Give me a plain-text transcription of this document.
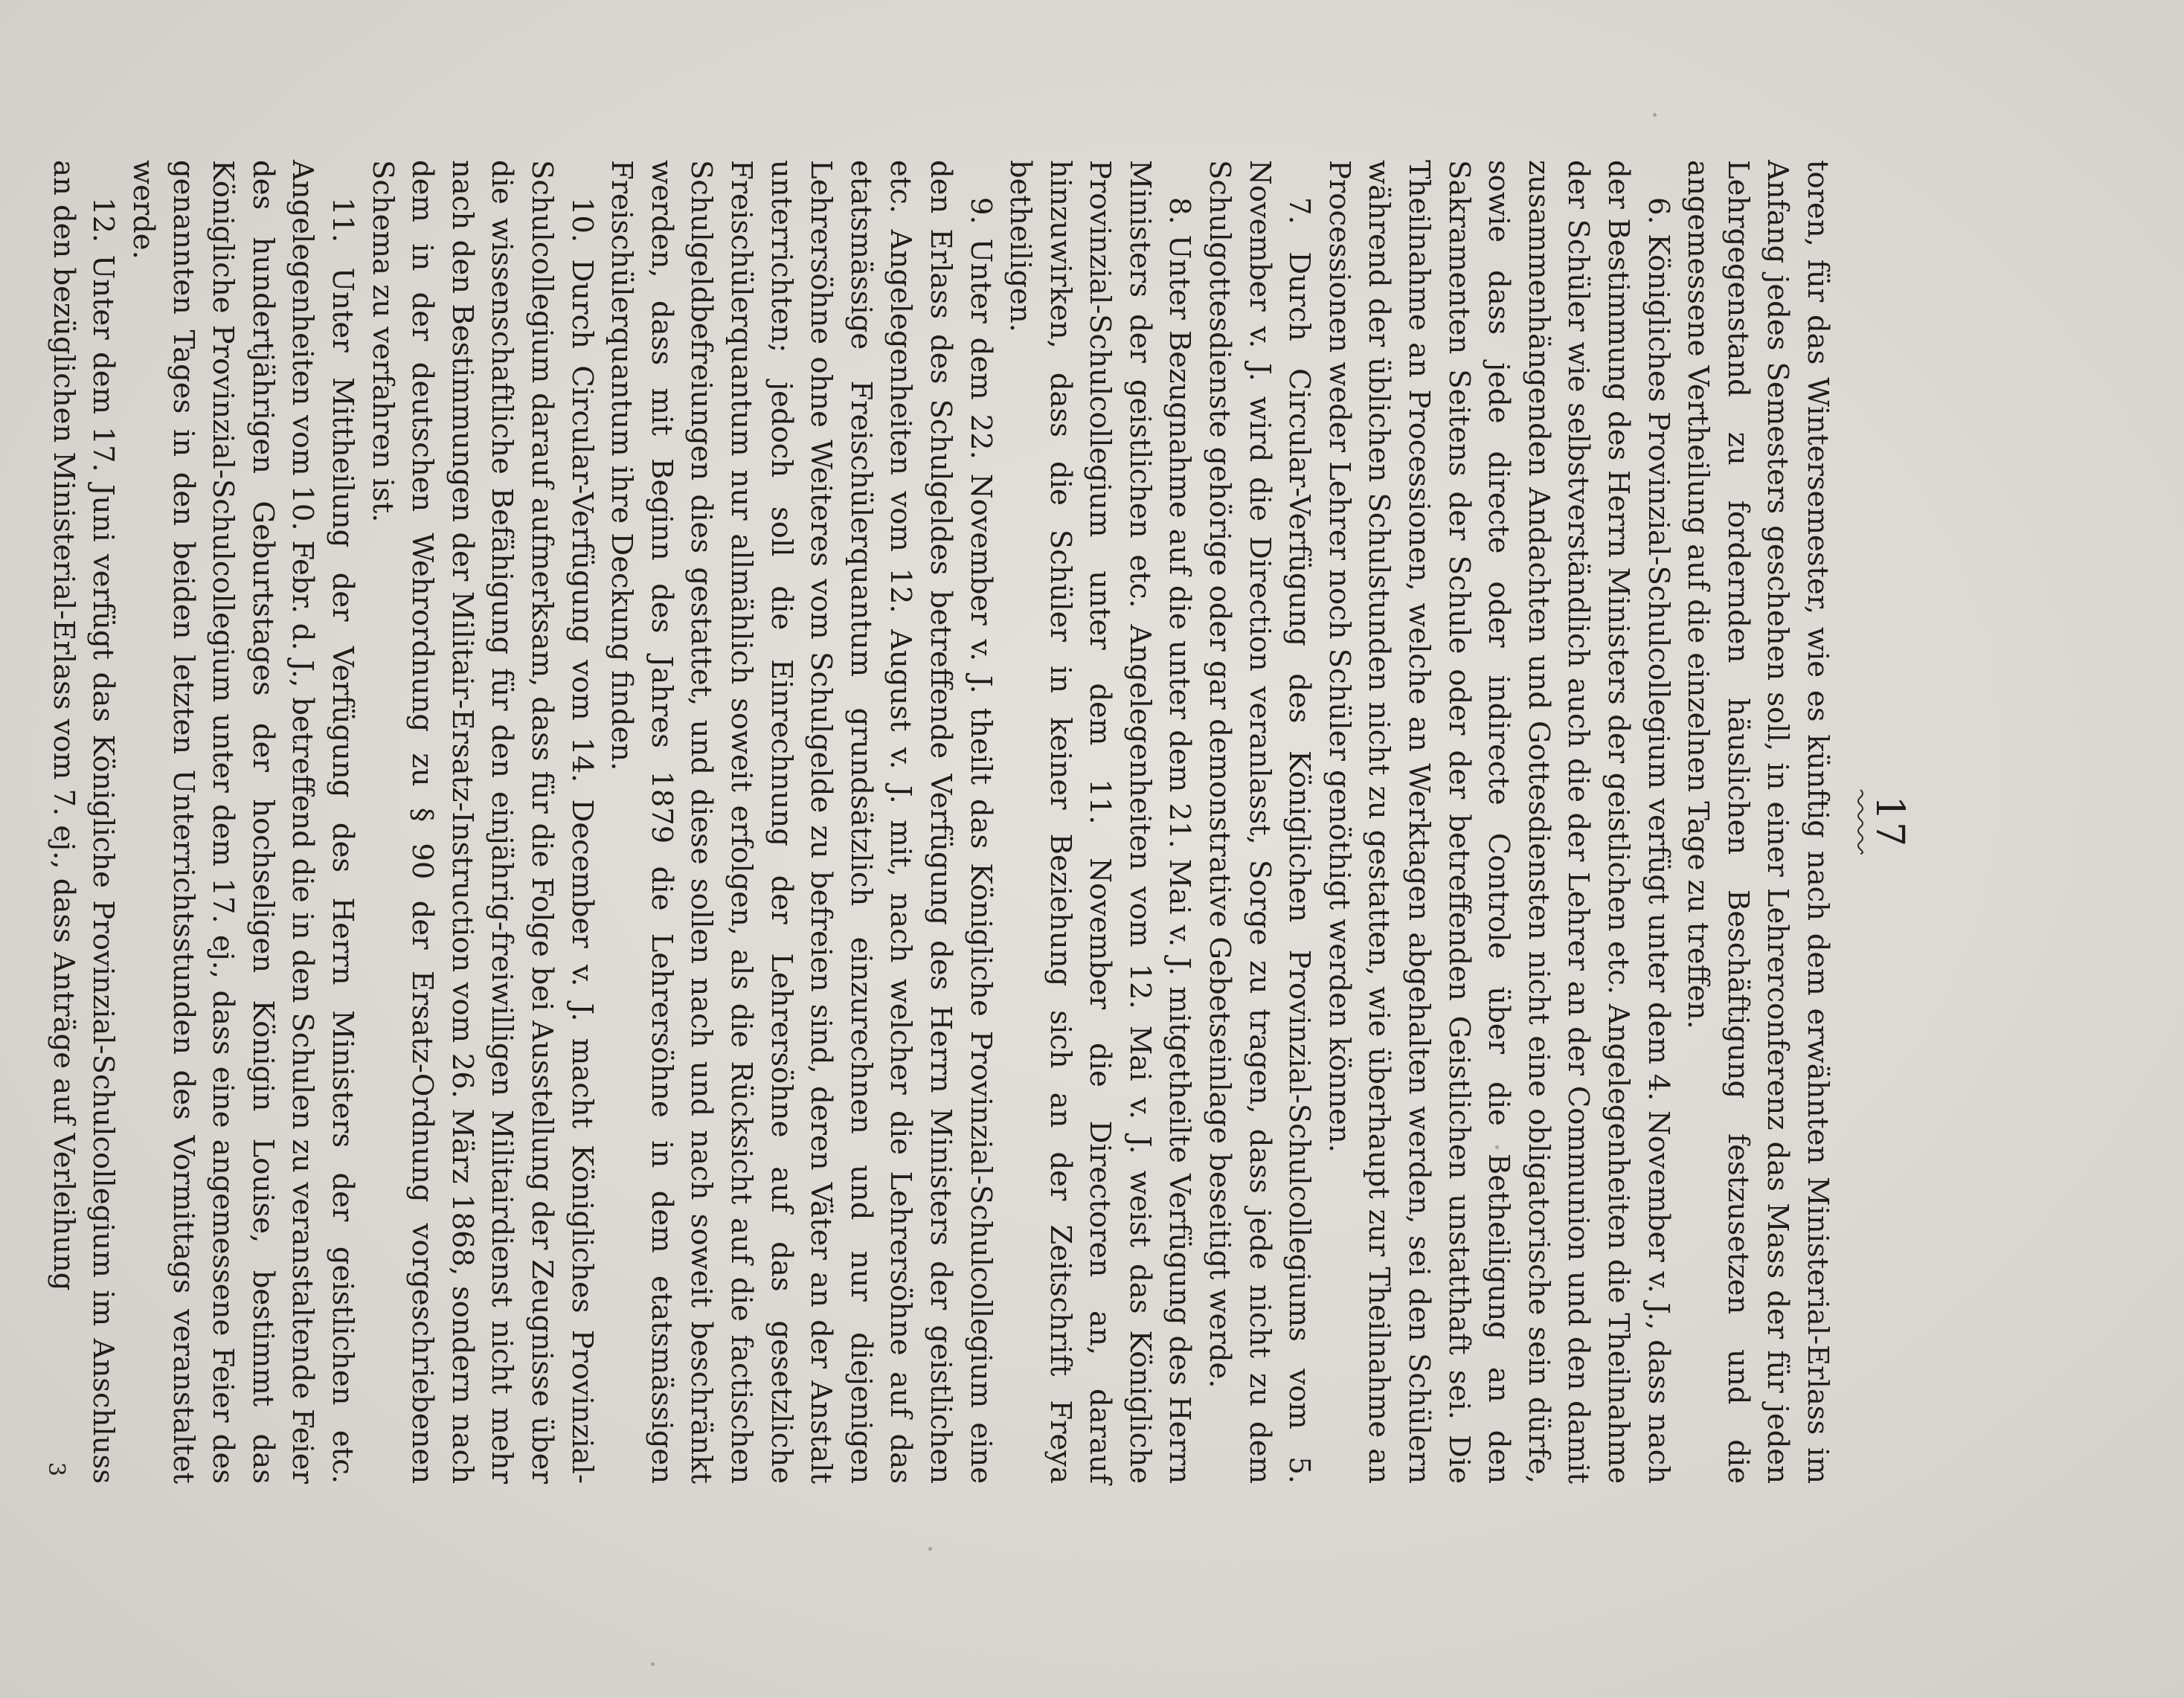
17

toren, für das Wintersemester, wie es künftig nach dem erwähnten Ministerial-Erlass im Anfang jedes Semesters geschehen soll, in einer Lehrerconferenz das Mass der für jeden Lehrgegenstand zu fordernden häuslichen Beschäftigung festzusetzen und die angemessene Vertheilung auf die einzelnen Tage zu treffen.

6. Königliches Provinzial-Schulcollegium verfügt unter dem 4. November v. J., dass nach der Bestimmung des Herrn Ministers der geistlichen etc. Angelegenheiten die Theilnahme der Schüler wie selbstverständlich auch die der Lehrer an der Communion und den damit zusammenhängenden Andachten und Gottesdiensten nicht eine obligatorische sein dürfe, sowie dass jede directe oder indirecte Controle über die Betheiligung an den Sakramenten Seitens der Schule oder der betreffenden Geistlichen unstatthaft sei. Die Theilnahme an Processionen, welche an Werktagen abgehalten werden, sei den Schülern während der üblichen Schulstunden nicht zu gestatten, wie überhaupt zur Theilnahme an Processionen weder Lehrer noch Schüler genöthigt werden können.

7. Durch Circular-Verfügung des Königlichen Provinzial-Schulcollegiums vom 5. November v. J. wird die Direction veranlasst, Sorge zu tragen, dass jede nicht zu dem Schulgottesdienste gehörige oder gar demonstrative Gebetseinlage beseitigt werde.

8. Unter Bezugnahme auf die unter dem 21. Mai v. J. mitgetheilte Verfügung des Herrn Ministers der geistlichen etc. Angelegenheiten vom 12. Mai v. J. weist das Königliche Provinzial-Schulcollegium unter dem 11. November die Directoren an, darauf hinzuwirken, dass die Schüler in keiner Beziehung sich an der Zeitschrift Freya betheiligen.

9. Unter dem 22. November v. J. theilt das Königliche Provinzial-Schulcollegium eine den Erlass des Schulgeldes betreffende Verfügung des Herrn Ministers der geistlichen etc. Angelegenheiten vom 12. August v. J. mit, nach welcher die Lehrersöhne auf das etatsmässige Freischülerquantum grundsätzlich einzurechnen und nur diejenigen Lehrersöhne ohne Weiteres vom Schulgelde zu befreien sind, deren Väter an der Anstalt unterrichten; jedoch soll die Einrechnung der Lehrersöhne auf das gesetzliche Freischülerquantum nur allmählich soweit erfolgen, als die Rücksicht auf die factischen Schulgeldbefreiungen dies gestattet, und diese sollen nach und nach soweit beschränkt werden, dass mit Beginn des Jahres 1879 die Lehrersöhne in dem etatsmässigen Freischülerquantum ihre Deckung finden.

10. Durch Circular-Verfügung vom 14. December v. J. macht Königliches Provinzial-Schulcollegium darauf aufmerksam, dass für die Folge bei Ausstellung der Zeugnisse über die wissenschaftliche Befähigung für den einjährig-freiwilligen Militairdienst nicht mehr nach den Bestimmungen der Militair-Ersatz-Instruction vom 26. März 1868, sondern nach dem in der deutschen Wehrordnung zu § 90 der Ersatz-Ordnung vorgeschriebenen Schema zu verfahren ist.

11. Unter Mittheilung der Verfügung des Herrn Ministers der geistlichen etc. Angelegenheiten vom 10. Febr. d. J., betreffend die in den Schulen zu veranstaltende Feier des hundertjährigen Geburtstages der hochseligen Königin Louise, bestimmt das Königliche Provinzial-Schulcollegium unter dem 17. ej., dass eine angemessene Feier des genannten Tages in den beiden letzten Unterrichtsstunden des Vormittags veranstaltet werde.

12. Unter dem 17. Juni verfügt das Königliche Provinzial-Schulcollegium im Anschluss an den bezüglichen Ministerial-Erlass vom 7. ej., dass Anträge auf Verleihung

3
